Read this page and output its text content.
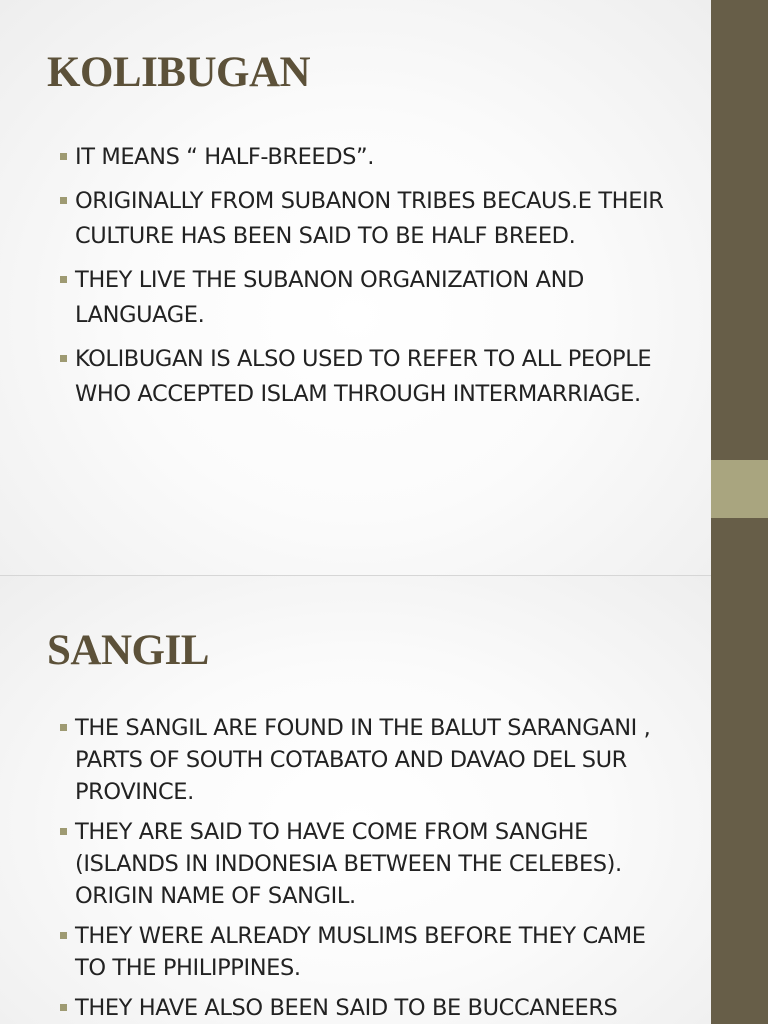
KOLIBUGAN
IT MEANS “ HALF-BREEDS”.
ORIGINALLY FROM SUBANON TRIBES BECAUS.E THEIR CULTURE HAS BEEN SAID TO BE HALF BREED.
THEY LIVE THE SUBANON ORGANIZATION AND LANGUAGE.
KOLIBUGAN IS ALSO USED TO REFER TO ALL PEOPLE WHO ACCEPTED ISLAM THROUGH INTERMARRIAGE.
SANGIL
THE SANGIL ARE FOUND IN THE BALUT SARANGANI , PARTS OF SOUTH COTABATO AND DAVAO DEL SUR PROVINCE.
THEY ARE SAID TO HAVE COME FROM SANGHE (ISLANDS IN INDONESIA BETWEEN THE CELEBES). ORIGIN NAME OF SANGIL.
THEY WERE ALREADY MUSLIMS BEFORE THEY CAME TO THE PHILIPPINES.
THEY HAVE ALSO BEEN SAID TO BE BUCCANEERS
